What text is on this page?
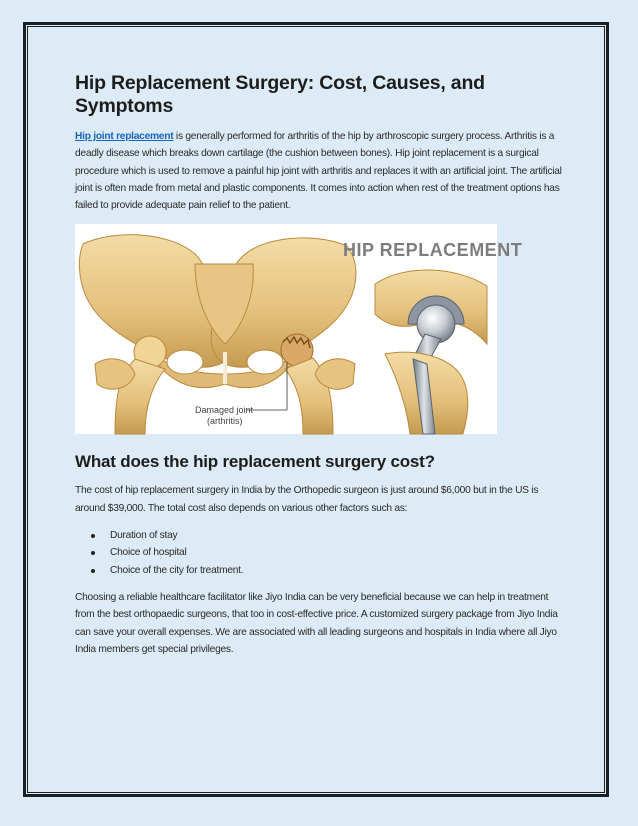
Hip Replacement Surgery: Cost, Causes, and Symptoms

Hip joint replacement is generally performed for arthritis of the hip by arthroscopic surgery process. Arthritis is a deadly disease which breaks down cartilage (the cushion between bones). Hip joint replacement is a surgical procedure which is used to remove a painful hip joint with arthritis and replaces it with an artificial joint. The artificial joint is often made from metal and plastic components. It comes into action when rest of the treatment options has failed to provide adequate pain relief to the patient.

Damaged joint
(arthritis)
HIP REPLACEMENT
What does the hip replacement surgery cost?

The cost of hip replacement surgery in India by the Orthopedic surgeon is just around $6,000 but in the US is around $39,000. The total cost also depends on various other factors such as:

Duration of stay
Choice of hospital
Choice of the city for treatment.

Choosing a reliable healthcare facilitator like Jiyo India can be very beneficial because we can help in treatment from the best orthopaedic surgeons, that too in cost-effective price. A customized surgery package from Jiyo India can save your overall expenses. We are associated with all leading surgeons and hospitals in India where all Jiyo India members get special privileges.
